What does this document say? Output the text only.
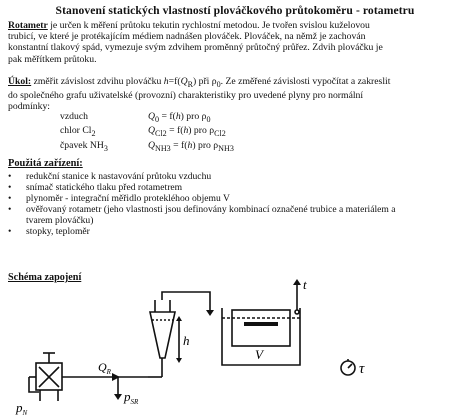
Stanovení statických vlastností plováčkového průtokoměru - rotametru
Rotametr je určen k měření průtoku tekutin rychlostní metodou. Je tvořen svislou kuželovou
trubicí, ve které je protékajícím médiem nadnášen plováček. Plováček, na němž je zachován
konstantní tlakový spád, vymezuje svým zdvihem proměnný průtočný průřez. Zdvih plováčku je
pak měřítkem průtoku.
Úkol: změřit závislost zdvihu plováčku $h=f(Q_R)$ při $\rho_0$. Ze změřené závislosti vypočítat a zakreslit
do společného grafu uživatelské (provozní) charakteristiky pro uvedené plyny pro normální
podmínky:
vzduch	$Q_0 = f(h)$ pro $\rho_0$
chlor $Cl_2$	$Q_{Cl2} = f(h)$ pro $\rho_{Cl2}$
čpavek $NH_3$	$Q_{NH3} = f(h)$ pro $\rho_{NH3}$
Použitá zařízení:
• redukční stanice k nastavování průtoku vzduchu
• snímač statického tlaku před rotametrem
• plynoměr - integrační měřidlo protekléhoo objemu V
• ověřovaný rotametr (jeho vlastnosti jsou definovány kombinací označené trubice a materiálem a
tvarem plováčku)
• stopky, teploměr
Schéma zapojení
h
V
$Q_R$
$p_N$
$p_{SR}$
t
τ
